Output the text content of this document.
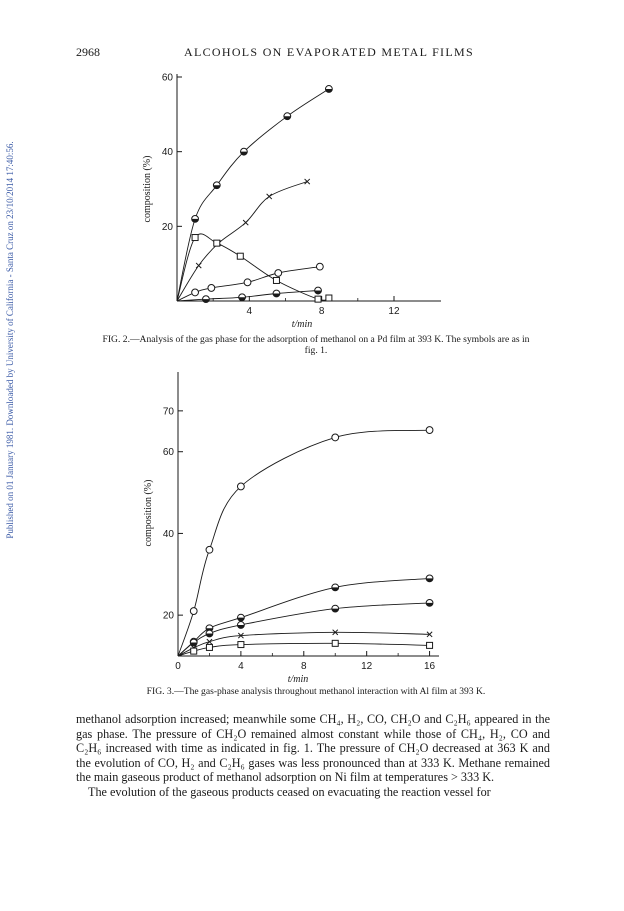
Published on 01 January 1981. Downloaded by University of California - Santa Cruz on 23/10/2014 17:40:56.
2968	ALCOHOLS ON EVAPORATED METAL FILMS
20
40
60
4	8	12
t/min
composition (%)
FIG. 2.—Analysis of the gas phase for the adsorption of methanol on a Pd film at 393 K. The symbols are as in fig. 1.
20
40
60
70
0	4	8	12	16
t/min
composition (%)
FIG. 3.—The gas-phase analysis throughout methanol interaction with Al film at 393 K.

methanol adsorption increased; meanwhile some CH₄, H₂, CO, CH₂O and C₂H₆ appeared in the gas phase. The pressure of CH₂O remained almost constant while those of CH₄, H₂, CO and C₂H₆ increased with time as indicated in fig. 1. The pressure of CH₂O decreased at 363 K and the evolution of CO, H₂ and C₂H₆ gases was less pronounced than at 333 K. Methane remained the main gaseous product of methanol adsorption on Ni film at temperatures > 333 K.

The evolution of the gaseous products ceased on evacuating the reaction vessel for
